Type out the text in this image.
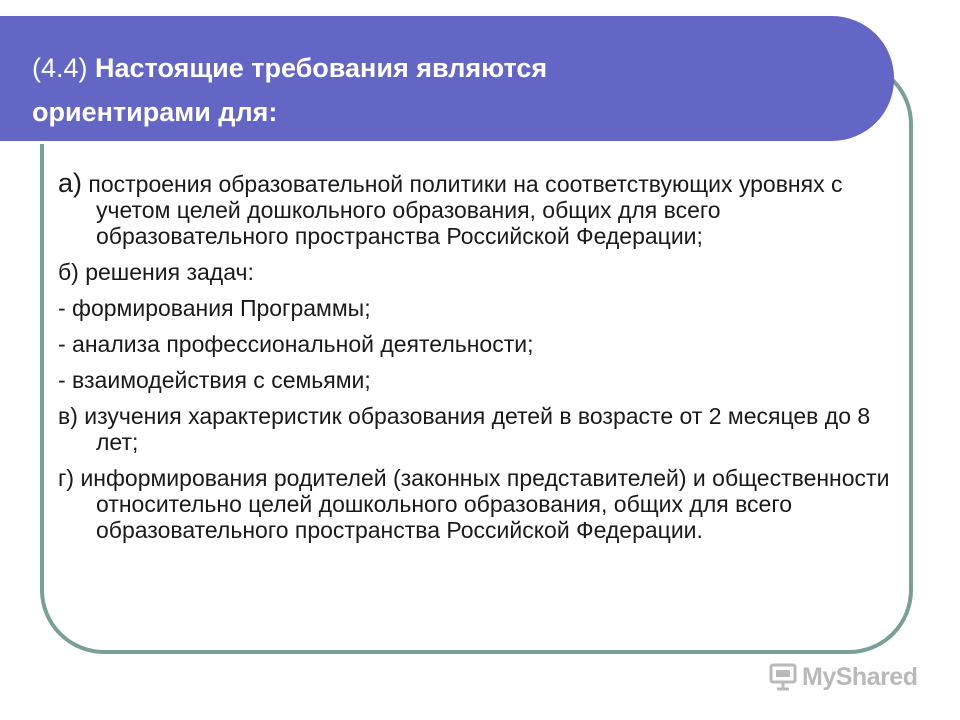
(4.4) Настоящие требования являются
ориентирами для:
а) построения образовательной политики на соответствующих уровнях с учетом целей дошкольного образования, общих для всего образовательного пространства Российской Федерации;
б) решения задач:
- формирования Программы;
- анализа профессиональной деятельности;
- взаимодействия с семьями;
в) изучения характеристик образования детей в возрасте от 2 месяцев до 8 лет;
г) информирования родителей (законных представителей) и общественности относительно целей дошкольного образования, общих для всего образовательного пространства Российской Федерации.
MyShared
